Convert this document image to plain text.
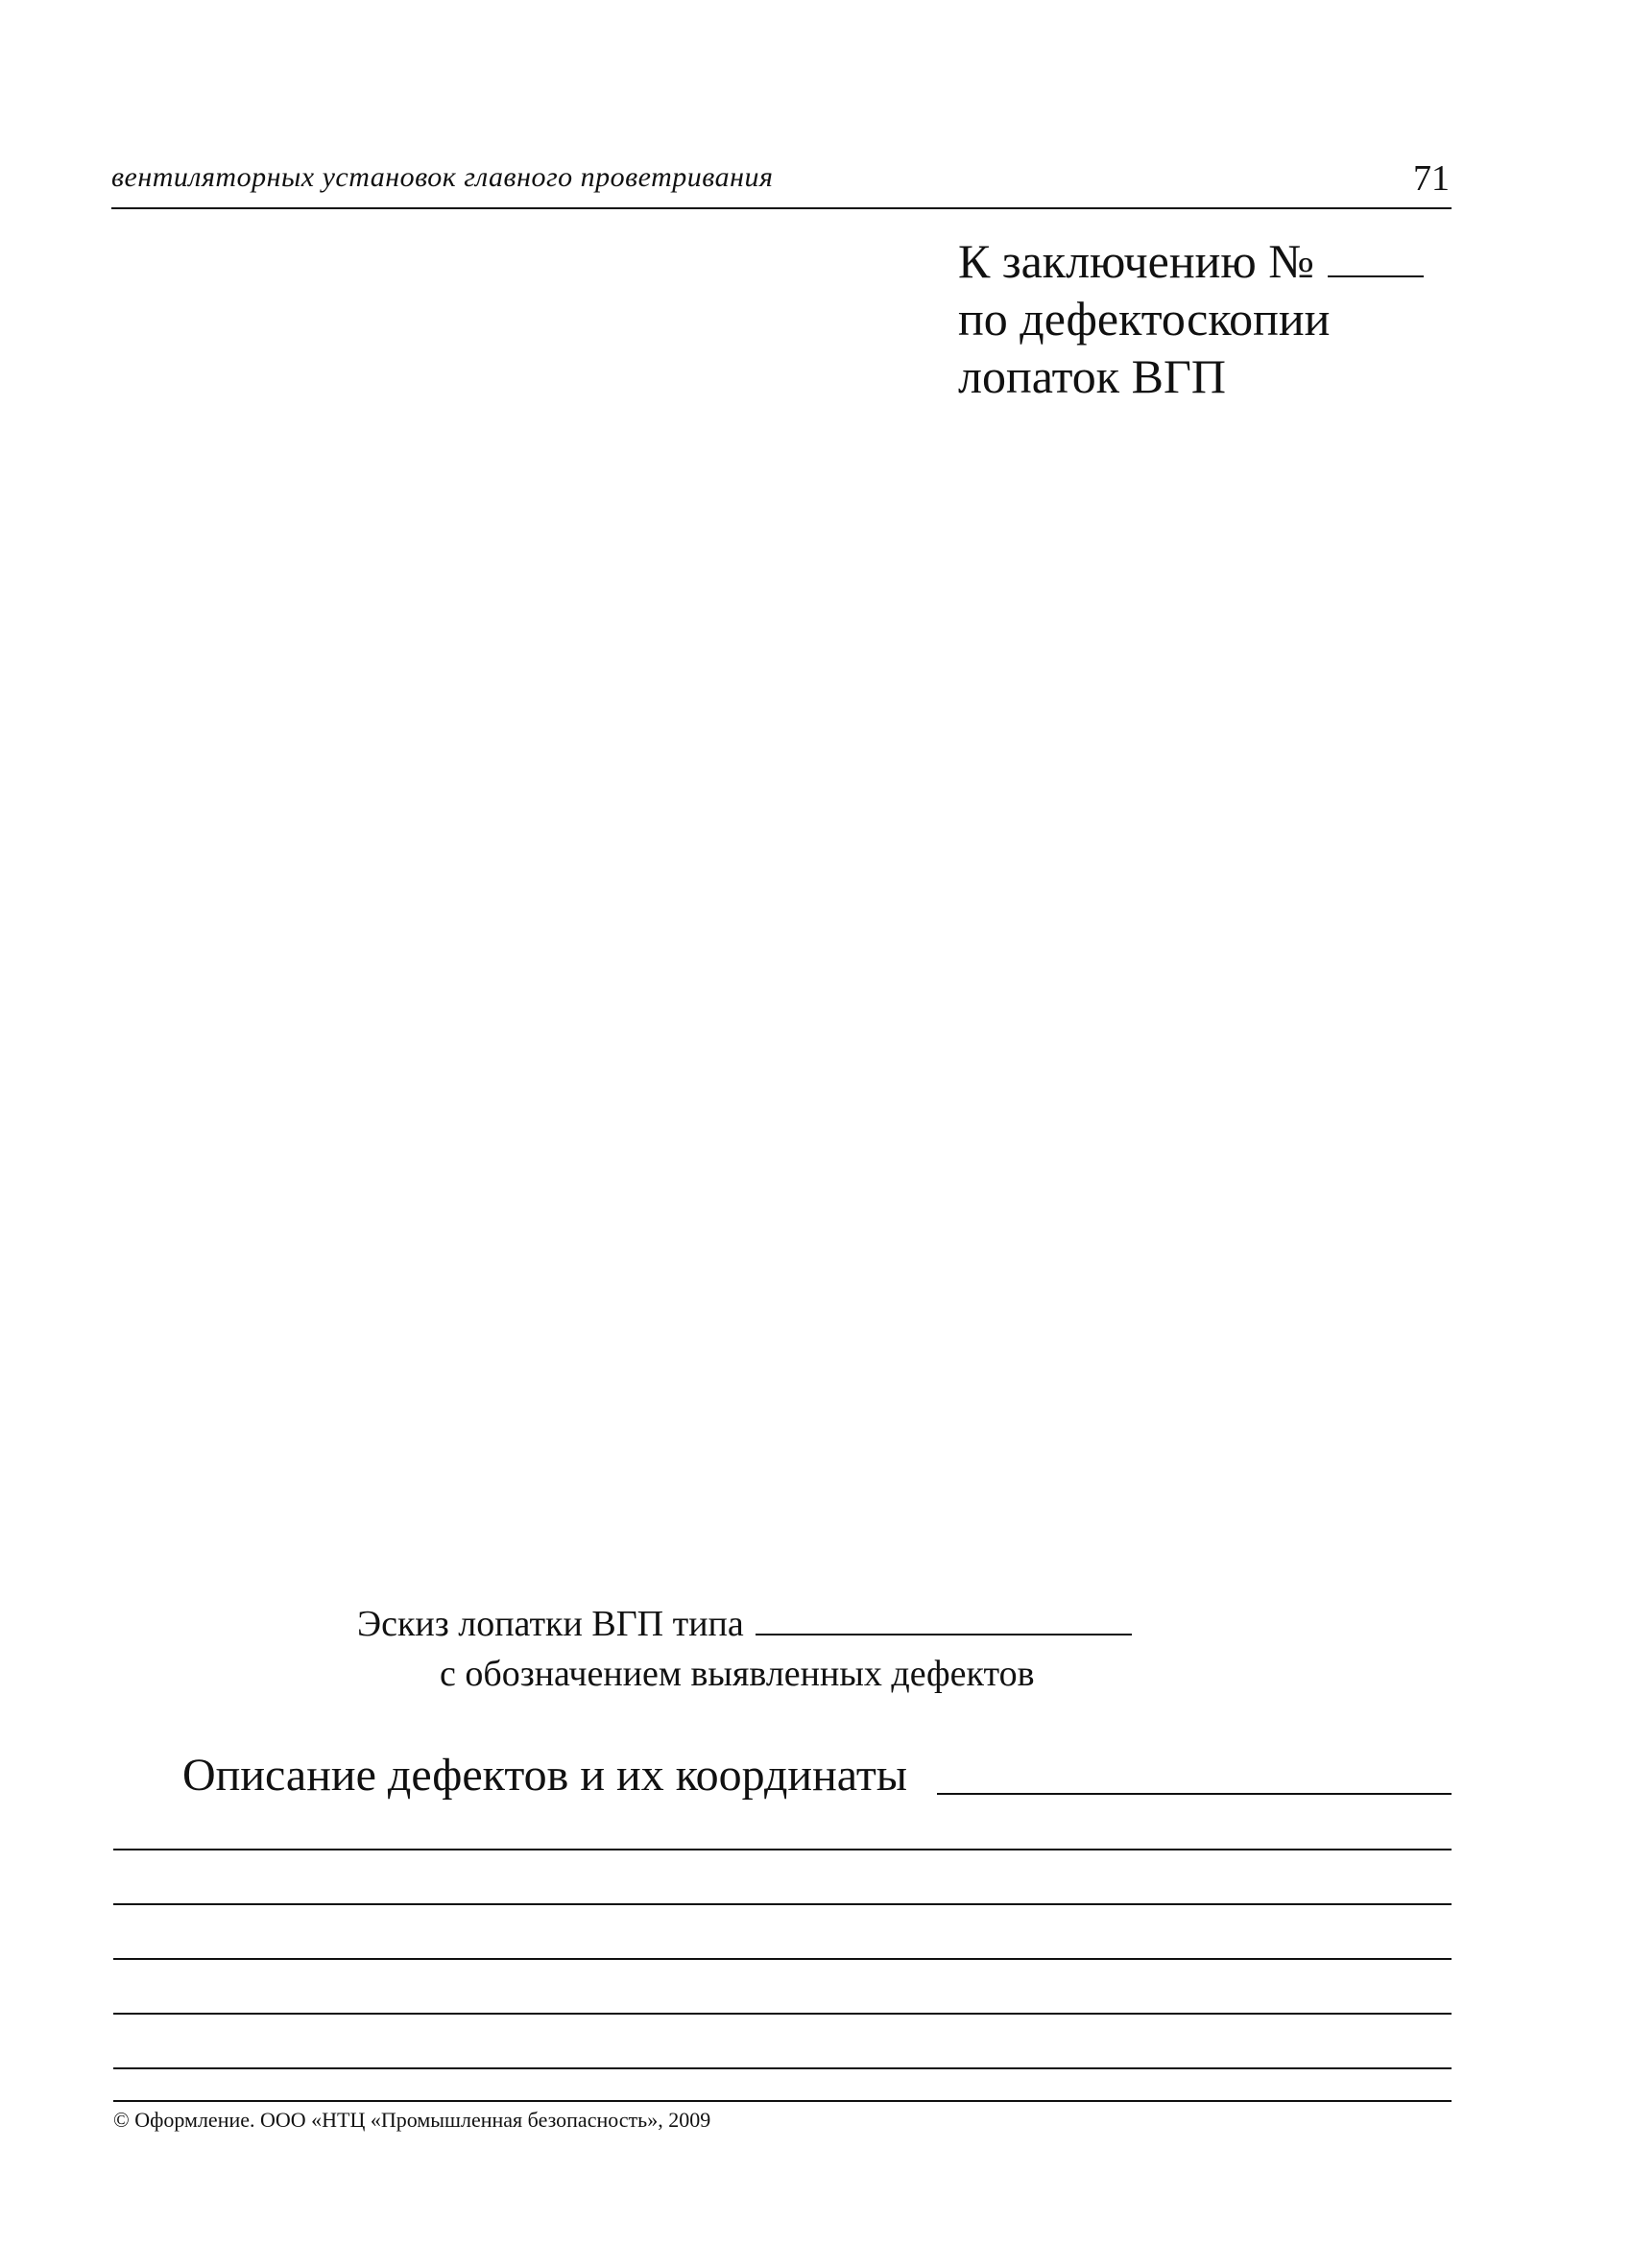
вентиляторных установок главного проветривания	71
К заключению №
по дефектоскопии
лопаток ВГП
Эскиз лопатки ВГП типа
с обозначением выявленных дефектов
Описание дефектов и их координаты
© Оформление. ООО «НТЦ «Промышленная безопасность», 2009
